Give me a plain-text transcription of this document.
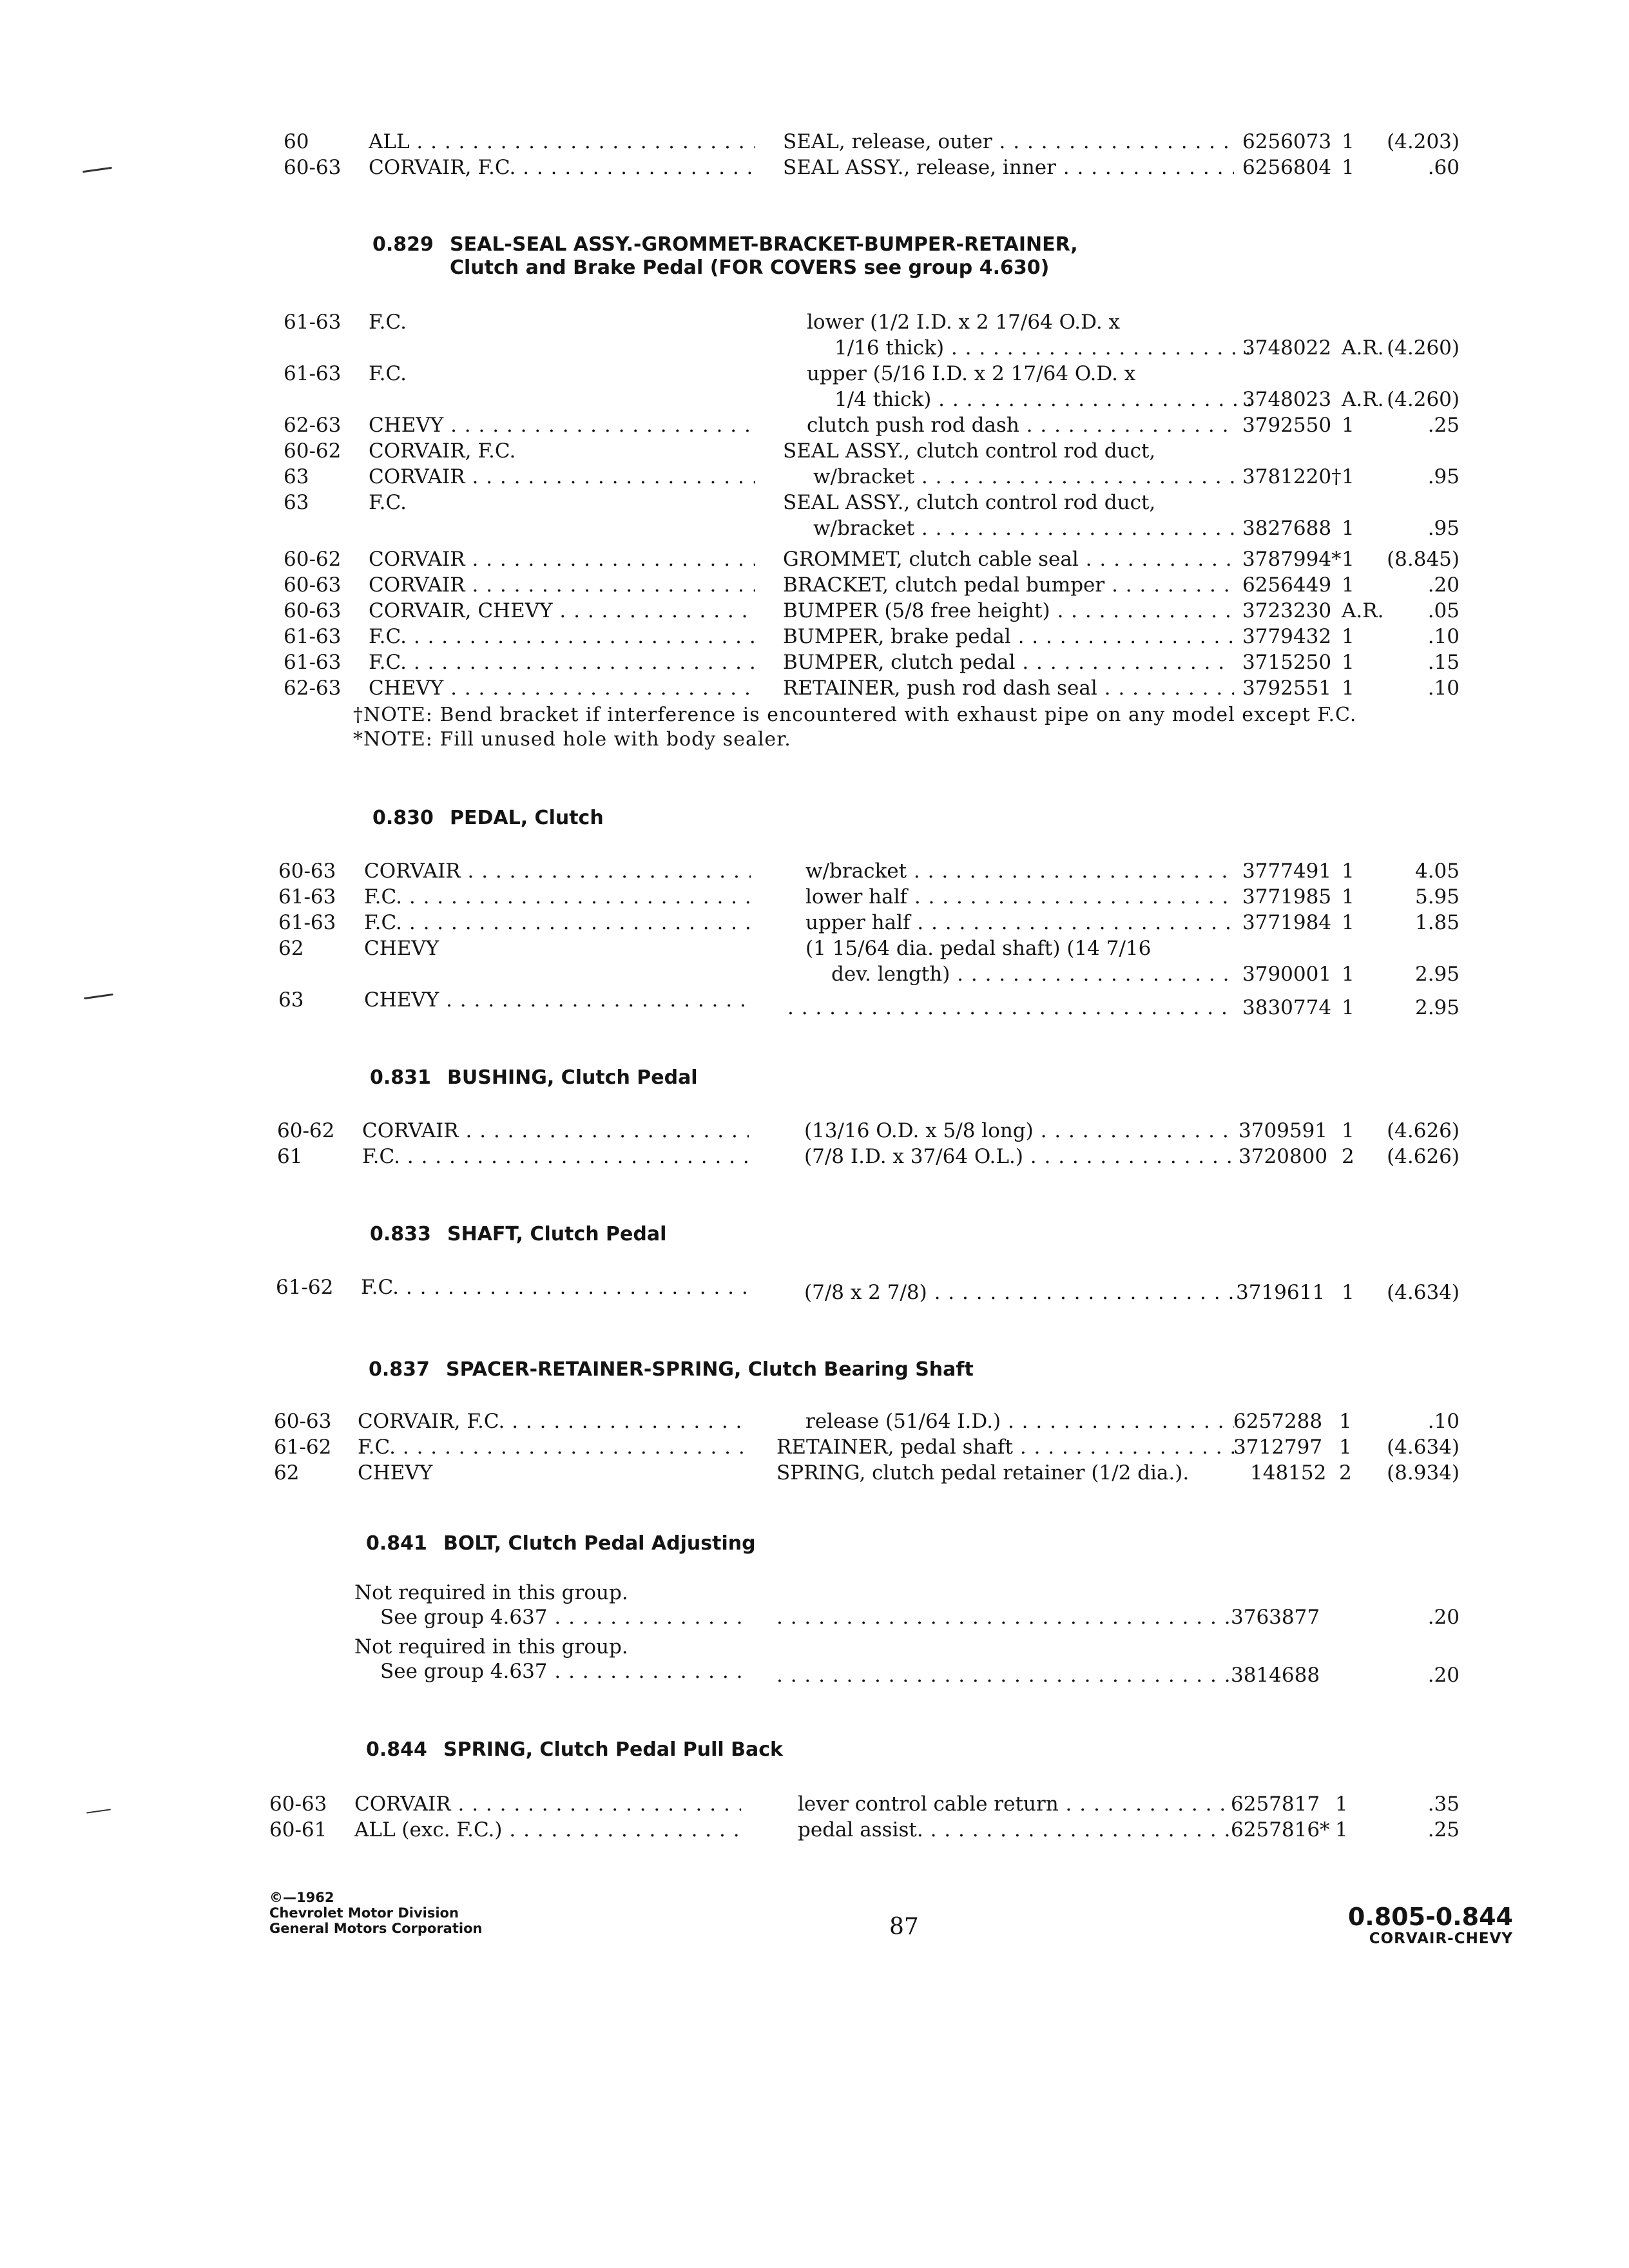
60	ALL . . .	SEAL, release, outer . . .	6256073 1	(4.203)
60-63	CORVAIR, F.C. . . .	SEAL ASSY., release, inner . . .	6256804 1	.60
0.829 SEAL-SEAL ASSY.-GROMMET-BRACKET-BUMPER-RETAINER,
Clutch and Brake Pedal (FOR COVERS see group 4.630)
61-63	F.C.	lower (1/2 I.D. x 2 17/64 O.D. x
1/16 thick) . . .	3748022 A.R. (4.260)
61-63	F.C.	upper (5/16 I.D. x 2 17/64 O.D. x
1/4 thick) . . .	3748023 A.R. (4.260)
62-63	CHEVY . . .	clutch push rod dash . . .	3792550 1	.25
60-62	CORVAIR, F.C.	SEAL ASSY., clutch control rod duct,
63	CORVAIR . . .	w/bracket . . .	3781220† 1	.95
63	F.C.	SEAL ASSY., clutch control rod duct,
w/bracket . . .	3827688 1	.95
60-62	CORVAIR . . .	GROMMET, clutch cable seal . . .	3787994* 1	(8.845)
60-63	CORVAIR . . .	BRACKET, clutch pedal bumper . . .	6256449 1	.20
60-63	CORVAIR, CHEVY . . .	BUMPER (5/8 free height) . . .	3723230 A.R.	.05
61-63	F.C. . . .	BUMPER, brake pedal . . .	3779432 1	.10
61-63	F.C. . . .	BUMPER, clutch pedal . . .	3715250 1	.15
62-63	CHEVY . . .	RETAINER, push rod dash seal . . .	3792551 1	.10
†NOTE: Bend bracket if interference is encountered with exhaust pipe on any model except F.C.
*NOTE: Fill unused hole with body sealer.
0.830 PEDAL, Clutch
60-63	CORVAIR . . .	w/bracket . . .	3777491 1	4.05
61-63	F.C. . . .	lower half . . .	3771985 1	5.95
61-63	F.C. . . .	upper half . . .	3771984 1	1.85
62	CHEVY	(1 15/64 dia. pedal shaft) (14 7/16
dev. length) . . .	3790001 1	2.95
63	CHEVY . . . . . .	3830774 1	2.95
0.831 BUSHING, Clutch Pedal
60-62	CORVAIR . . .	(13/16 O.D. x 5/8 long) . . .	3709591 1	(4.626)
61	F.C. . . .	(7/8 I.D. x 37/64 O.L.) . . .	3720800 2	(4.626)
0.833 SHAFT, Clutch Pedal
61-62	F.C. . . .	(7/8 x 2 7/8) . . .	3719611 1	(4.634)
0.837 SPACER-RETAINER-SPRING, Clutch Bearing Shaft
60-63	CORVAIR, F.C. . . .	release (51/64 I.D.) . . .	6257288 1	.10
61-62	F.C. . . .	RETAINER, pedal shaft . . .	3712797 1	(4.634)
62	CHEVY	SPRING, clutch pedal retainer (1/2 dia.).	148152 2	(8.934)
0.841 BOLT, Clutch Pedal Adjusting
Not required in this group.
See group 4.637 . . . . . .	3763877	.20
Not required in this group.
See group 4.637 . . . . . .	3814688	.20
0.844 SPRING, Clutch Pedal Pull Back
60-63	CORVAIR . . .	lever control cable return . . .	6257817 1	.35
60-61	ALL (exc. F.C.) . . .	pedal assist. . . .	6257816* 1	.25
©—1962
Chevrolet Motor Division
General Motors Corporation	87	0.805-0.844
CORVAIR-CHEVY
